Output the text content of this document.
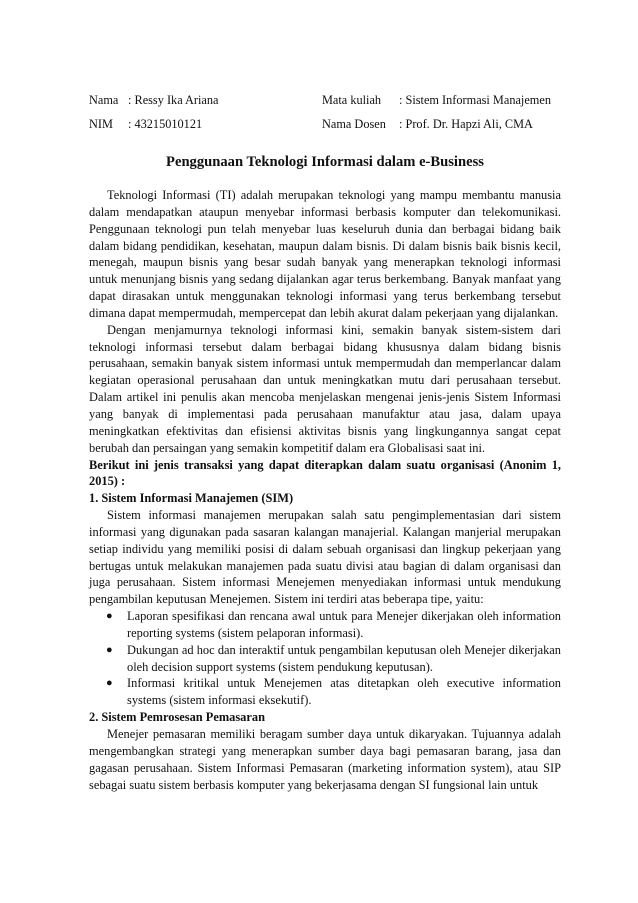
Nama : Ressy Ika Ariana	Mata kuliah : Sistem Informasi Manajemen
NIM : 43215010121	Nama Dosen : Prof. Dr. Hapzi Ali, CMA
Penggunaan Teknologi Informasi dalam e-Business

Teknologi Informasi (TI) adalah merupakan teknologi yang mampu membantu manusia dalam mendapatkan ataupun menyebar informasi berbasis komputer dan telekomunikasi. Penggunaan teknologi pun telah menyebar luas keseluruh dunia dan berbagai bidang baik dalam bidang pendidikan, kesehatan, maupun dalam bisnis. Di dalam bisnis baik bisnis kecil, menegah, maupun bisnis yang besar sudah banyak yang menerapkan teknologi informasi untuk menunjang bisnis yang sedang dijalankan agar terus berkembang. Banyak manfaat yang dapat dirasakan untuk menggunakan teknologi informasi yang terus berkembang tersebut dimana dapat mempermudah, mempercepat dan lebih akurat dalam pekerjaan yang dijalankan.

Dengan menjamurnya teknologi informasi kini, semakin banyak sistem-sistem dari teknologi informasi tersebut dalam berbagai bidang khususnya dalam bidang bisnis perusahaan, semakin banyak sistem informasi untuk mempermudah dan memperlancar dalam kegiatan operasional perusahaan dan untuk meningkatkan mutu dari perusahaan tersebut. Dalam artikel ini penulis akan mencoba menjelaskan mengenai jenis-jenis Sistem Informasi yang banyak di implementasi pada perusahaan manufaktur atau jasa, dalam upaya meningkatkan efektivitas dan efisiensi aktivitas bisnis yang lingkungannya sangat cepat berubah dan persaingan yang semakin kompetitif dalam era Globalisasi saat ini.

Berikut ini jenis transaksi yang dapat diterapkan dalam suatu organisasi (Anonim 1, 2015) :
1. Sistem Informasi Manajemen (SIM)

Sistem informasi manajemen merupakan salah satu pengimplementasian dari sistem informasi yang digunakan pada sasaran kalangan manajerial. Kalangan manjerial merupakan setiap individu yang memiliki posisi di dalam sebuah organisasi dan lingkup pekerjaan yang bertugas untuk melakukan manajemen pada suatu divisi atau bagian di dalam organisasi dan juga perusahaan. Sistem informasi Menejemen menyediakan informasi untuk mendukung pengambilan keputusan Menejemen. Sistem ini terdiri atas beberapa tipe, yaitu:

● Laporan spesifikasi dan rencana awal untuk para Menejer dikerjakan oleh information reporting systems (sistem pelaporan informasi).
● Dukungan ad hoc dan interaktif untuk pengambilan keputusan oleh Menejer dikerjakan oleh decision support systems (sistem pendukung keputusan).
● Informasi kritikal untuk Menejemen atas ditetapkan oleh executive information systems (sistem informasi eksekutif).
2. Sistem Pemrosesan Pemasaran

Menejer pemasaran memiliki beragam sumber daya untuk dikaryakan. Tujuannya adalah mengembangkan strategi yang menerapkan sumber daya bagi pemasaran barang, jasa dan gagasan perusahaan. Sistem Informasi Pemasaran (marketing information system), atau SIP sebagai suatu sistem berbasis komputer yang bekerjasama dengan SI fungsional lain untuk
